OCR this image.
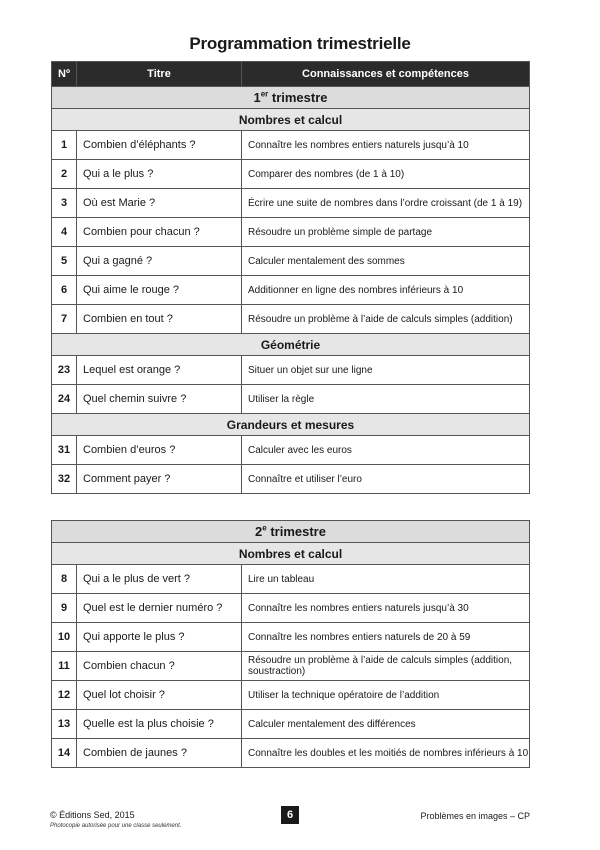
Programmation trimestrielle
Nº	Titre	Connaissances et compétences
1er trimestre		
Nombres et calcul		
1	Combien d’éléphants ?	Connaître les nombres entiers naturels jusqu’à 10
2	Qui a le plus ?	Comparer des nombres (de 1 à 10)
3	Où est Marie ?	Écrire une suite de nombres dans l’ordre croissant (de 1 à 19)
4	Combien pour chacun ?	Résoudre un problème simple de partage
5	Qui a gagné ?	Calculer mentalement des sommes
6	Qui aime le rouge ?	Additionner en ligne des nombres inférieurs à 10
7	Combien en tout ?	Résoudre un problème à l’aide de calculs simples (addition)
Géométrie		
23	Lequel est orange ?	Situer un objet sur une ligne
24	Quel chemin suivre ?	Utiliser la règle
Grandeurs et mesures		
31	Combien d’euros ?	Calculer avec les euros
32	Comment payer ?	Connaître et utiliser l’euro
2e trimestre		
Nombres et calcul		
8	Qui a le plus de vert ?	Lire un tableau
9	Quel est le dernier numéro ?	Connaître les nombres entiers naturels jusqu’à 30
10	Qui apporte le plus ?	Connaître les nombres entiers naturels de 20 à 59
11	Combien chacun ?	Résoudre un problème à l’aide de calculs simples (addition, soustraction)
12	Quel lot choisir ?	Utiliser la technique opératoire de l’addition
13	Quelle est la plus choisie ?	Calculer mentalement des différences
14	Combien de jaunes ?	Connaître les doubles et les moitiés de nombres inférieurs à 10
© Éditions Sed, 2015
Photocopie autorisée pour une classe seulement.
6	Problèmes en images – CP
